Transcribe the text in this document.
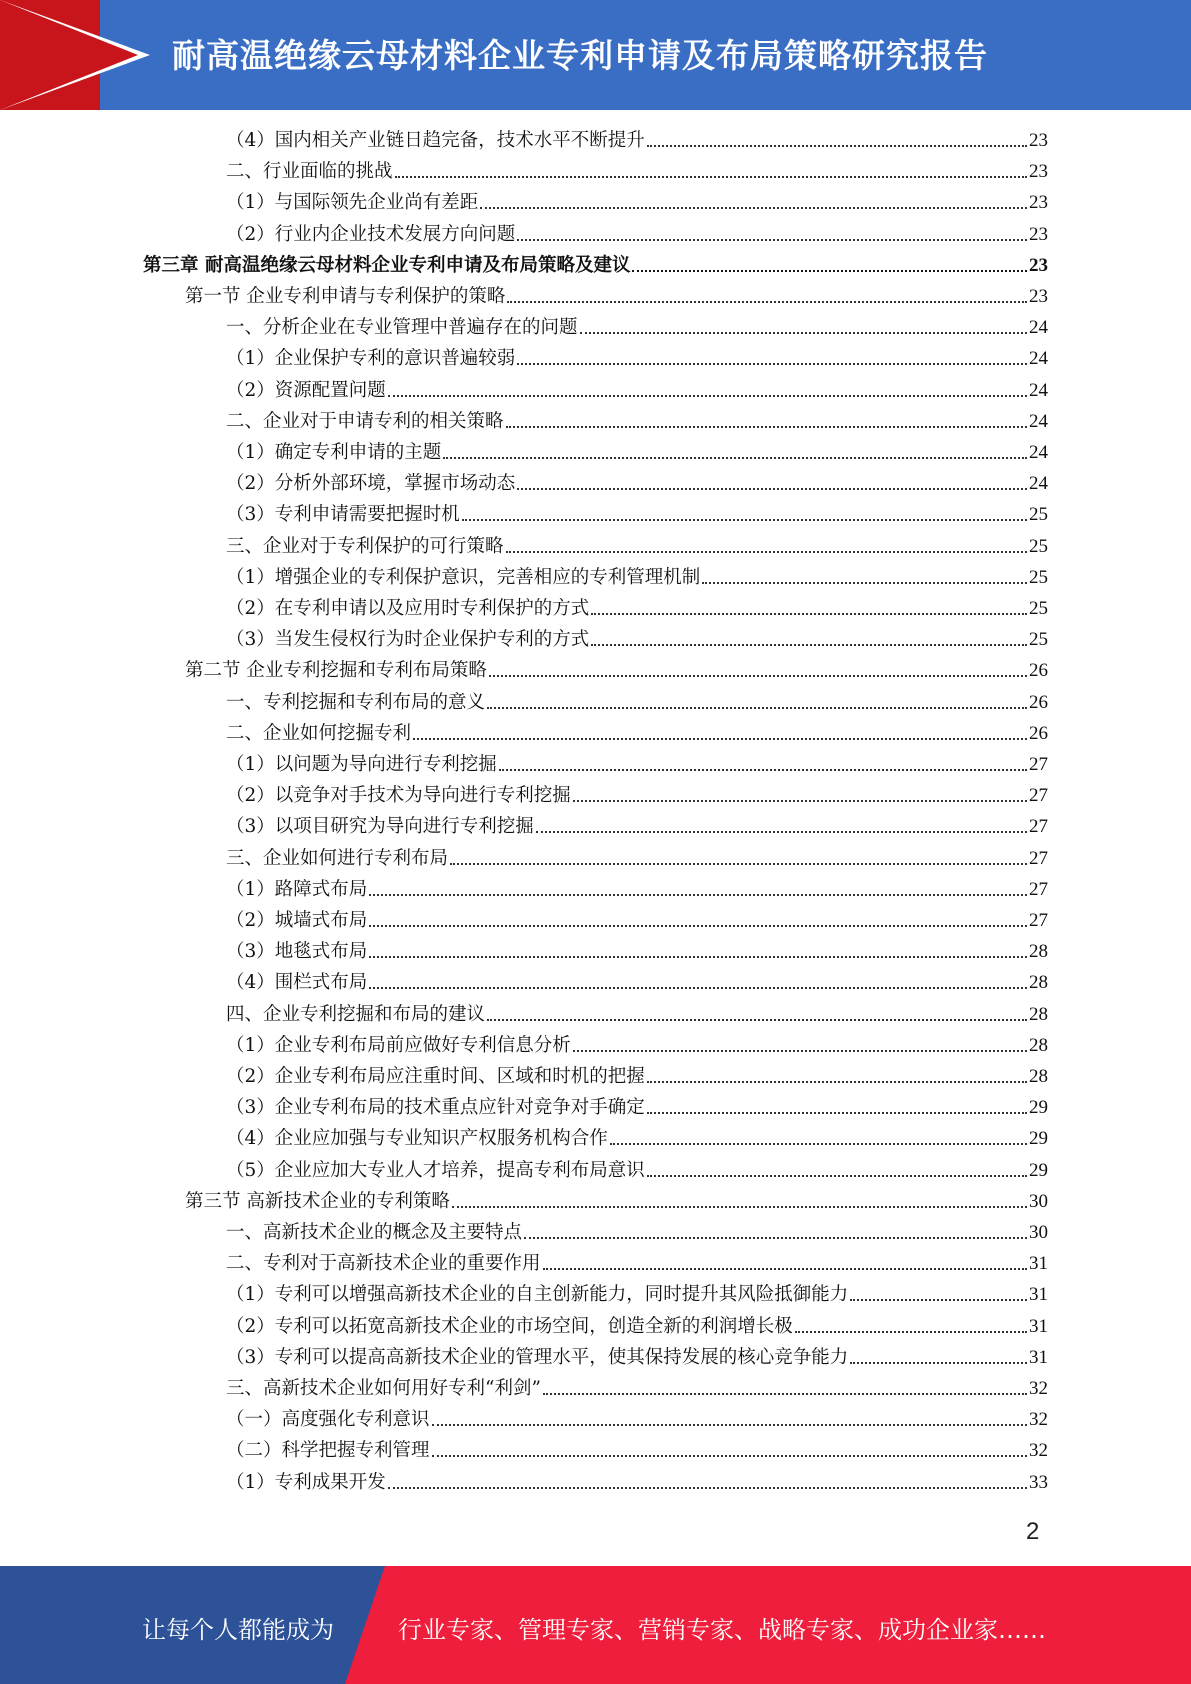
耐高温绝缘云母材料企业专利申请及布局策略研究报告
（4）国内相关产业链日趋完备，技术水平不断提升	23
二、行业面临的挑战	23
（1）与国际领先企业尚有差距	23
（2）行业内企业技术发展方向问题	23
第三章 耐高温绝缘云母材料企业专利申请及布局策略及建议	23
第一节 企业专利申请与专利保护的策略	23
一、分析企业在专业管理中普遍存在的问题	24
（1）企业保护专利的意识普遍较弱	24
（2）资源配置问题	24
二、企业对于申请专利的相关策略	24
（1）确定专利申请的主题	24
（2）分析外部环境，掌握市场动态	24
（3）专利申请需要把握时机	25
三、企业对于专利保护的可行策略	25
（1）增强企业的专利保护意识，完善相应的专利管理机制	25
（2）在专利申请以及应用时专利保护的方式	25
（3）当发生侵权行为时企业保护专利的方式	25
第二节 企业专利挖掘和专利布局策略	26
一、专利挖掘和专利布局的意义	26
二、企业如何挖掘专利	26
（1）以问题为导向进行专利挖掘	27
（2）以竞争对手技术为导向进行专利挖掘	27
（3）以项目研究为导向进行专利挖掘	27
三、企业如何进行专利布局	27
（1）路障式布局	27
（2）城墙式布局	27
（3）地毯式布局	28
（4）围栏式布局	28
四、企业专利挖掘和布局的建议	28
（1）企业专利布局前应做好专利信息分析	28
（2）企业专利布局应注重时间、区域和时机的把握	28
（3）企业专利布局的技术重点应针对竞争对手确定	29
（4）企业应加强与专业知识产权服务机构合作	29
（5）企业应加大专业人才培养，提高专利布局意识	29
第三节 高新技术企业的专利策略	30
一、高新技术企业的概念及主要特点	30
二、专利对于高新技术企业的重要作用	31
（1）专利可以增强高新技术企业的自主创新能力，同时提升其风险抵御能力	31
（2）专利可以拓宽高新技术企业的市场空间，创造全新的利润增长极	31
（3）专利可以提高高新技术企业的管理水平，使其保持发展的核心竞争能力	31
三、高新技术企业如何用好专利“利剑”	32
（一）高度强化专利意识	32
（二）科学把握专利管理	32
（1）专利成果开发	33
2
让每个人都能成为	行业专家、管理专家、营销专家、战略专家、成功企业家……
